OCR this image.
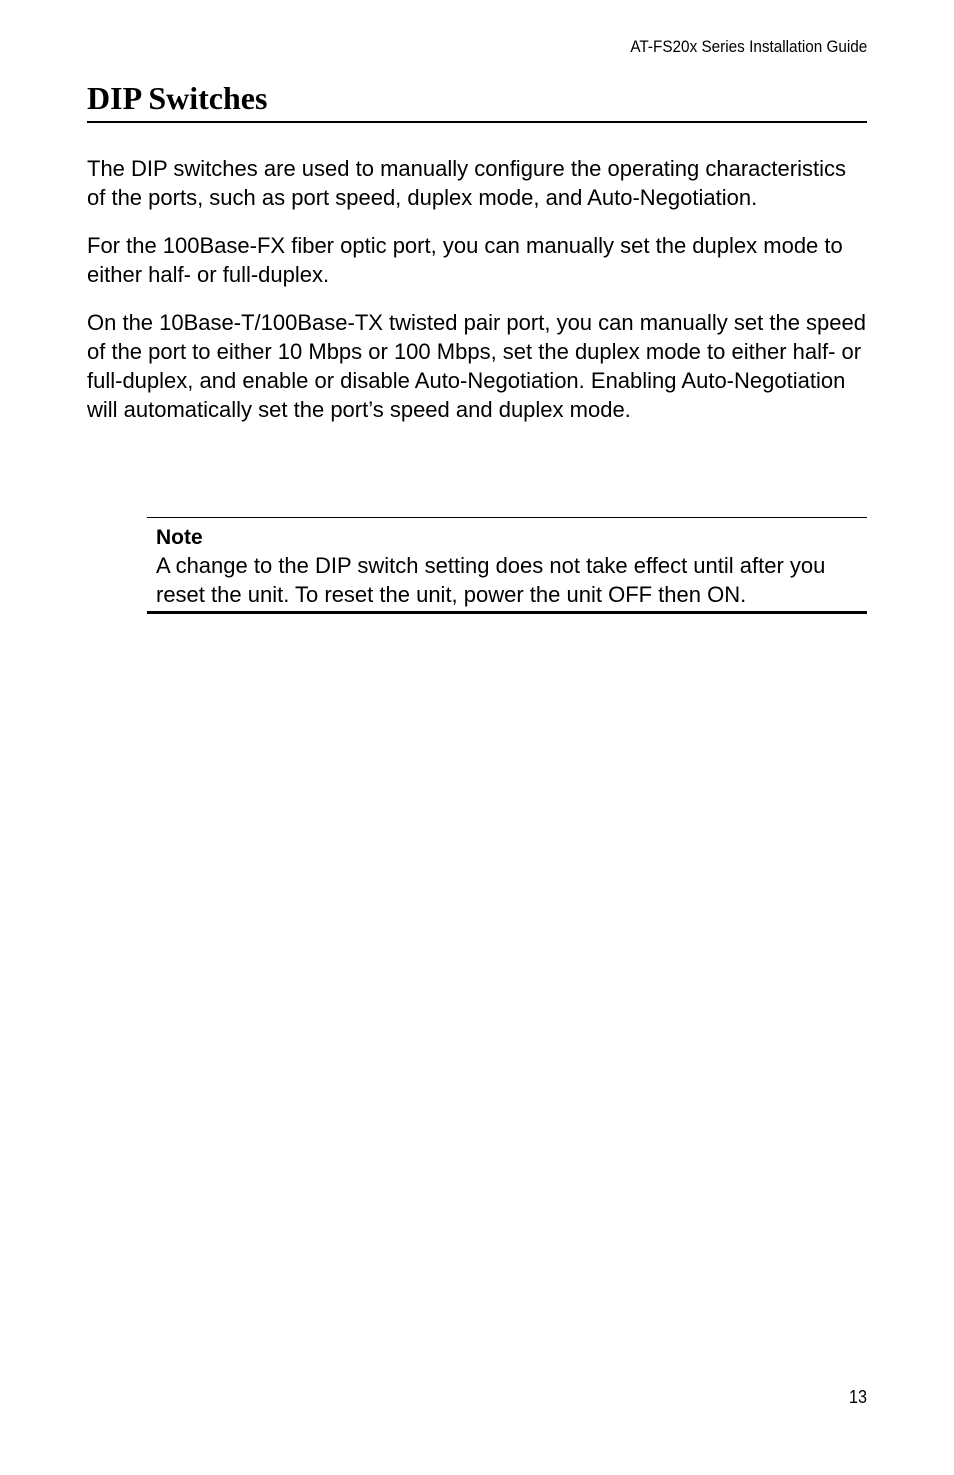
AT-FS20x Series Installation Guide
DIP Switches

The DIP switches are used to manually configure the operating characteristics of the ports, such as port speed, duplex mode, and Auto-Negotiation.

For the 100Base-FX fiber optic port, you can manually set the duplex mode to either half- or full-duplex.

On the 10Base-T/100Base-TX twisted pair port, you can manually set the speed of the port to either 10 Mbps or 100 Mbps, set the duplex mode to either half- or full-duplex, and enable or disable Auto-Negotiation. Enabling Auto-Negotiation will automatically set the port’s speed and duplex mode.

Note

A change to the DIP switch setting does not take effect until after you reset the unit. To reset the unit, power the unit OFF then ON.

13
